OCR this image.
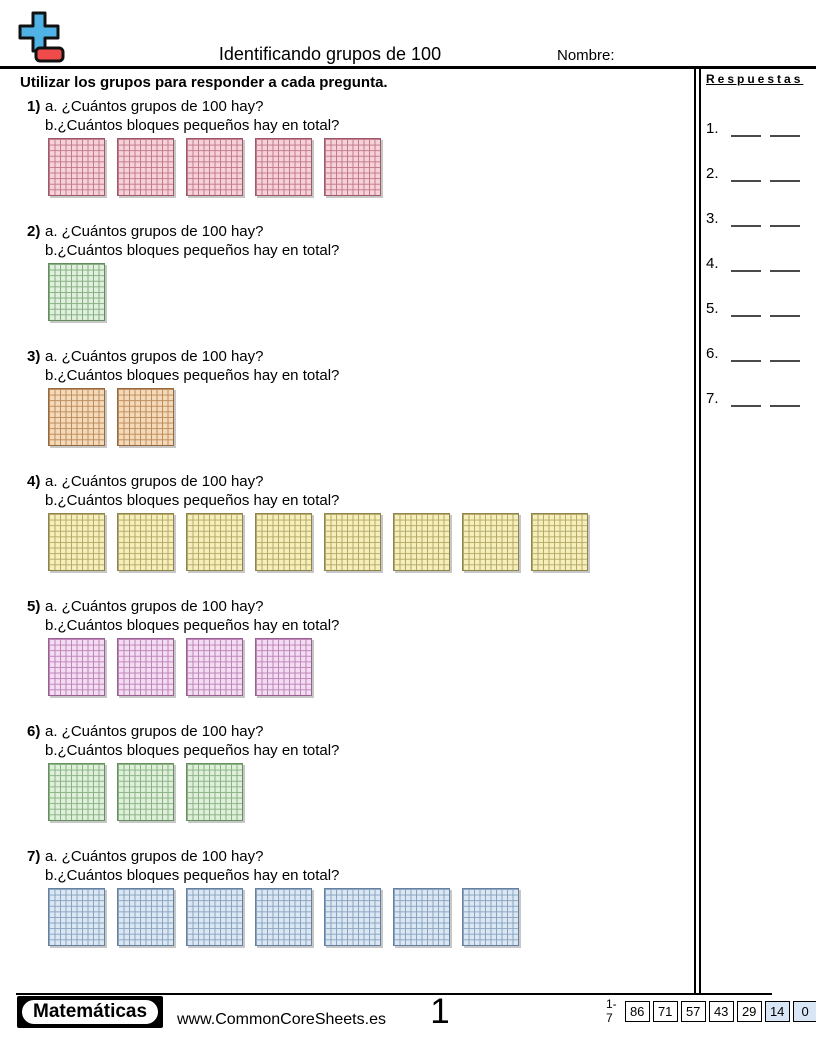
Identificando grupos de 100	Nombre:
Utilizar los grupos para responder a cada pregunta.
1) a. ¿Cuántos grupos de 100 hay?
b.¿Cuántos bloques pequeños hay en total?
2) a. ¿Cuántos grupos de 100 hay?
b.¿Cuántos bloques pequeños hay en total?
3) a. ¿Cuántos grupos de 100 hay?
b.¿Cuántos bloques pequeños hay en total?
4) a. ¿Cuántos grupos de 100 hay?
b.¿Cuántos bloques pequeños hay en total?
5) a. ¿Cuántos grupos de 100 hay?
b.¿Cuántos bloques pequeños hay en total?
6) a. ¿Cuántos grupos de 100 hay?
b.¿Cuántos bloques pequeños hay en total?
7) a. ¿Cuántos grupos de 100 hay?
b.¿Cuántos bloques pequeños hay en total?
Respuestas
1.
2.
3.
4.
5.
6.
7.
Matemáticas	www.CommonCoreSheets.es	1	1-7	86	71	57	43	29	14	0
